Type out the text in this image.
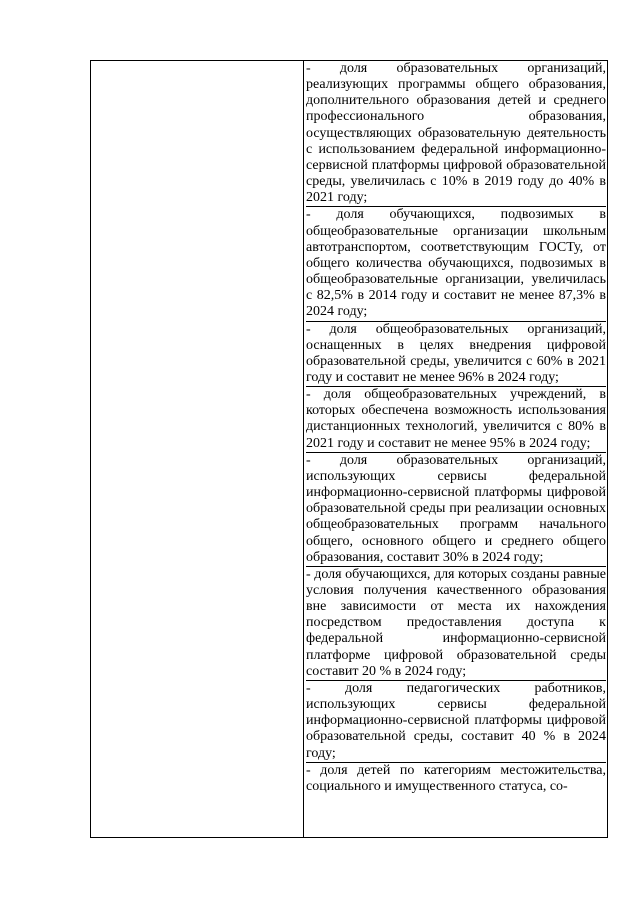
- доля образовательных организаций, реализующих программы общего образования, дополнительного образования детей и среднего профессионального образования, осуществляющих образовательную деятельность с использованием федеральной информационно-сервисной платформы цифровой образовательной среды, увеличилась с 10% в 2019 году до 40% в 2021 году;

- доля обучающихся, подвозимых в общеобразовательные организации школьным автотранспортом, соответствующим ГОСТу, от общего количества обучающихся, подвозимых в общеобразовательные организации, увеличилась с 82,5% в 2014 году и составит не менее 87,3% в 2024 году;

- доля общеобразовательных организаций, оснащенных в целях внедрения цифровой образовательной среды, увеличится с 60% в 2021 году и составит не менее 96% в 2024 году;

- доля общеобразовательных учреждений, в которых обеспечена возможность использования дистанционных технологий, увеличится с 80% в 2021 году и составит не менее 95% в 2024 году;

- доля образовательных организаций, использующих сервисы федеральной информационно-сервисной платформы цифровой образовательной среды при реализации основных общеобразовательных программ начального общего, основного общего и среднего общего образования, составит 30% в 2024 году;

- доля обучающихся, для которых созданы равные условия получения качественного образования вне зависимости от места их нахождения посредством предоставления доступа к федеральной информационно-сервисной платформе цифровой образовательной среды составит 20 % в 2024 году;

- доля педагогических работников, использующих сервисы федеральной информационно-сервисной платформы цифровой образовательной среды, составит 40 % в 2024 году;

- доля детей по категориям местожительства, социального и имущественного статуса, со-
